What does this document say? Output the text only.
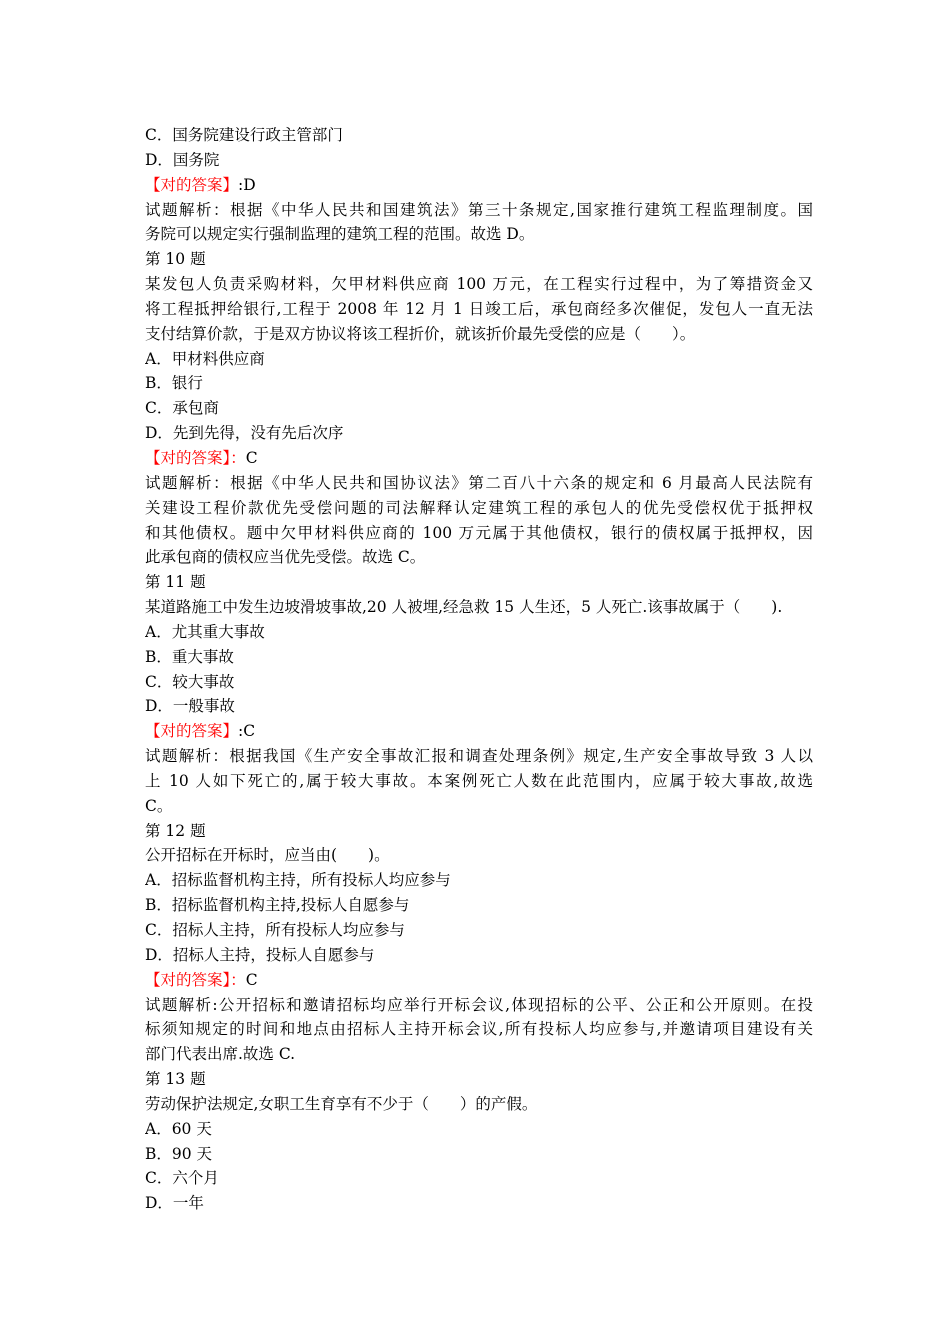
C．国务院建设行政主管部门
D．国务院
【对的答案】:D
试题解析：根据《中华人民共和国建筑法》第三十条规定,国家推行建筑工程监理制度。国
务院可以规定实行强制监理的建筑工程的范围。故选 D。
第 10 题
某发包人负责采购材料，欠甲材料供应商 100 万元，在工程实行过程中，为了筹措资金又
将工程抵押给银行,工程于 2008 年 12 月 1 日竣工后，承包商经多次催促，发包人一直无法
支付结算价款，于是双方协议将该工程折价，就该折价最先受偿的应是（　　）。
A．甲材料供应商
B．银行
C．承包商
D．先到先得，没有先后次序
【对的答案】：C
试题解析：根据《中华人民共和国协议法》第二百八十六条的规定和 6 月最高人民法院有
关建设工程价款优先受偿问题的司法解释认定建筑工程的承包人的优先受偿权优于抵押权
和其他债权。题中欠甲材料供应商的 100 万元属于其他债权，银行的债权属于抵押权，因
此承包商的债权应当优先受偿。故选 C。
第 11 题
某道路施工中发生边坡滑坡事故,20 人被埋,经急救 15 人生还，5 人死亡.该事故属于（　　).
A．尤其重大事故
B．重大事故
C．较大事故
D．一般事故
【对的答案】:C
试题解析：根据我国《生产安全事故汇报和调查处理条例》规定,生产安全事故导致 3 人以
上 10 人如下死亡的,属于较大事故。本案例死亡人数在此范围内，应属于较大事故,故选
C。
第 12 题
公开招标在开标时，应当由(　　)。
A．招标监督机构主持，所有投标人均应参与
B．招标监督机构主持,投标人自愿参与
C．招标人主持，所有投标人均应参与
D．招标人主持，投标人自愿参与
【对的答案】：C
试题解析:公开招标和邀请招标均应举行开标会议,体现招标的公平、公正和公开原则。在投
标须知规定的时间和地点由招标人主持开标会议,所有投标人均应参与,并邀请项目建设有关
部门代表出席.故选 C.
第 13 题
劳动保护法规定,女职工生育享有不少于（　　）的产假。
A．60 天
B．90 天
C．六个月
D．一年
